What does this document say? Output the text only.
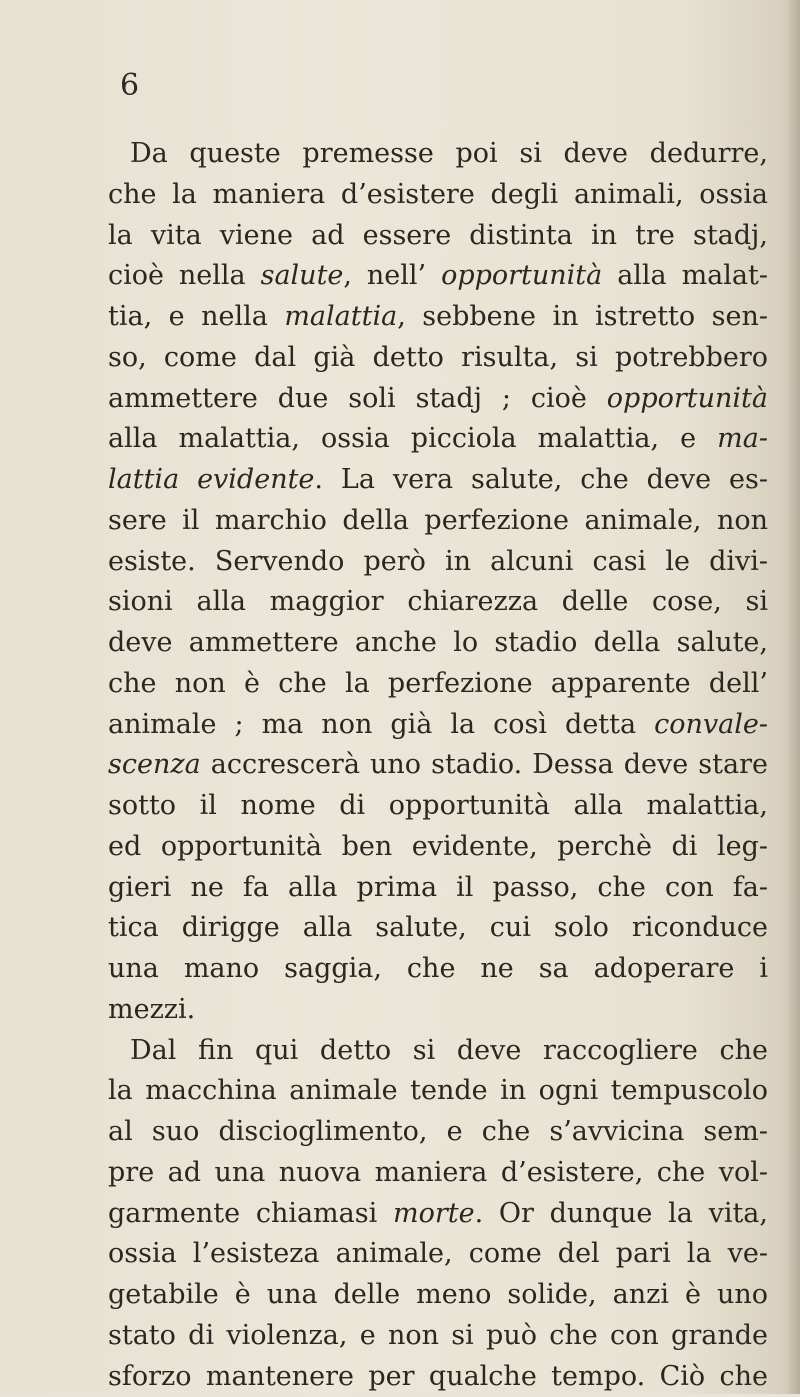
6

Da queste premesse poi si deve dedurre,
che la maniera d’esistere degli animali, ossia
la vita viene ad essere distinta in tre stadj,
cioè nella salute, nell’ opportunità alla malat-
tia, e nella malattia, sebbene in istretto sen-
so, come dal già detto risulta, si potrebbero
ammettere due soli stadj ; cioè opportunità
alla malattia, ossia picciola malattia, e ma-
lattia evidente. La vera salute, che deve es-
sere il marchio della perfezione animale, non
esiste. Servendo però in alcuni casi le divi-
sioni alla maggior chiarezza delle cose, si
deve ammettere anche lo stadio della salute,
che non è che la perfezione apparente dell’
animale ; ma non già la così detta convale-
scenza accrescerà uno stadio. Dessa deve stare
sotto il nome di opportunità alla malattia,
ed opportunità ben evidente, perchè di leg-
gieri ne fa alla prima il passo, che con fa-
tica dirigge alla salute, cui solo riconduce
una mano saggia, che ne sa adoperare i
mezzi.
Dal fin qui detto si deve raccogliere che
la macchina animale tende in ogni tempuscolo
al suo discioglimento, e che s’avvicina sem-
pre ad una nuova maniera d’esistere, che vol-
garmente chiamasi morte. Or dunque la vita,
ossia l’esisteza animale, come del pari la ve-
getabile è una delle meno solide, anzi è uno
stato di violenza, e non si può che con grande
sforzo mantenere per qualche tempo. Ciò che
